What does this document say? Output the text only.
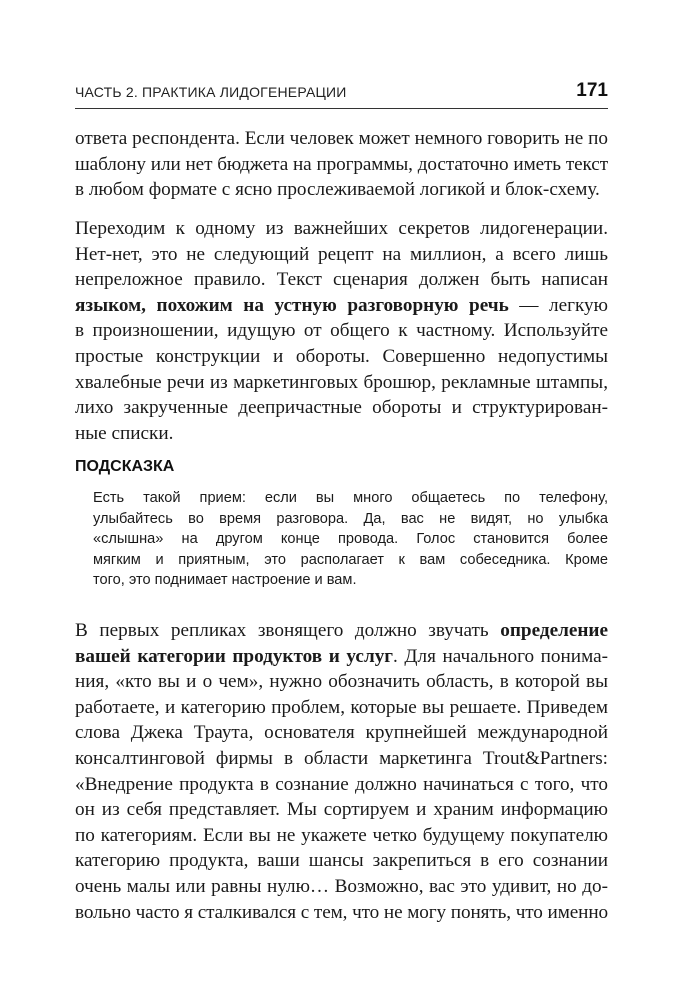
ЧАСТЬ 2. ПРАКТИКА ЛИДОГЕНЕРАЦИИ	171
ответа респондента. Если человек может немного говорить не по
шаблону или нет бюджета на программы, достаточно иметь текст
в любом формате с ясно прослеживаемой логикой и блок-схему.
Переходим к одному из важнейших секретов лидогенерации.
Нет-нет, это не следующий рецепт на миллион, а всего лишь
непреложное правило. Текст сценария должен быть написан
языком, похожим на устную разговорную речь — легкую
в произношении, идущую от общего к частному. Используйте
простые конструкции и обороты. Совершенно недопустимы
хвалебные речи из маркетинговых брошюр, рекламные штампы,
лихо закрученные деепричастные обороты и структурирован-
ные списки.
ПОДСКАЗКА
Есть такой прием: если вы много общаетесь по телефону,
улыбайтесь во время разговора. Да, вас не видят, но улыбка
«слышна» на другом конце провода. Голос становится более
мягким и приятным, это располагает к вам собеседника. Кроме
того, это поднимает настроение и вам.
В первых репликах звонящего должно звучать определение
вашей категории продуктов и услуг. Для начального понима-
ния, «кто вы и о чем», нужно обозначить область, в которой вы
работаете, и категорию проблем, которые вы решаете. Приведем
слова Джека Траута, основателя крупнейшей международной
консалтинговой фирмы в области маркетинга Trout&Partners:
«Внедрение продукта в сознание должно начинаться с того, что
он из себя представляет. Мы сортируем и храним информацию
по категориям. Если вы не укажете четко будущему покупателю
категорию продукта, ваши шансы закрепиться в его сознании
очень малы или равны нулю… Возможно, вас это удивит, но до-
вольно часто я сталкивался с тем, что не могу понять, что именно
